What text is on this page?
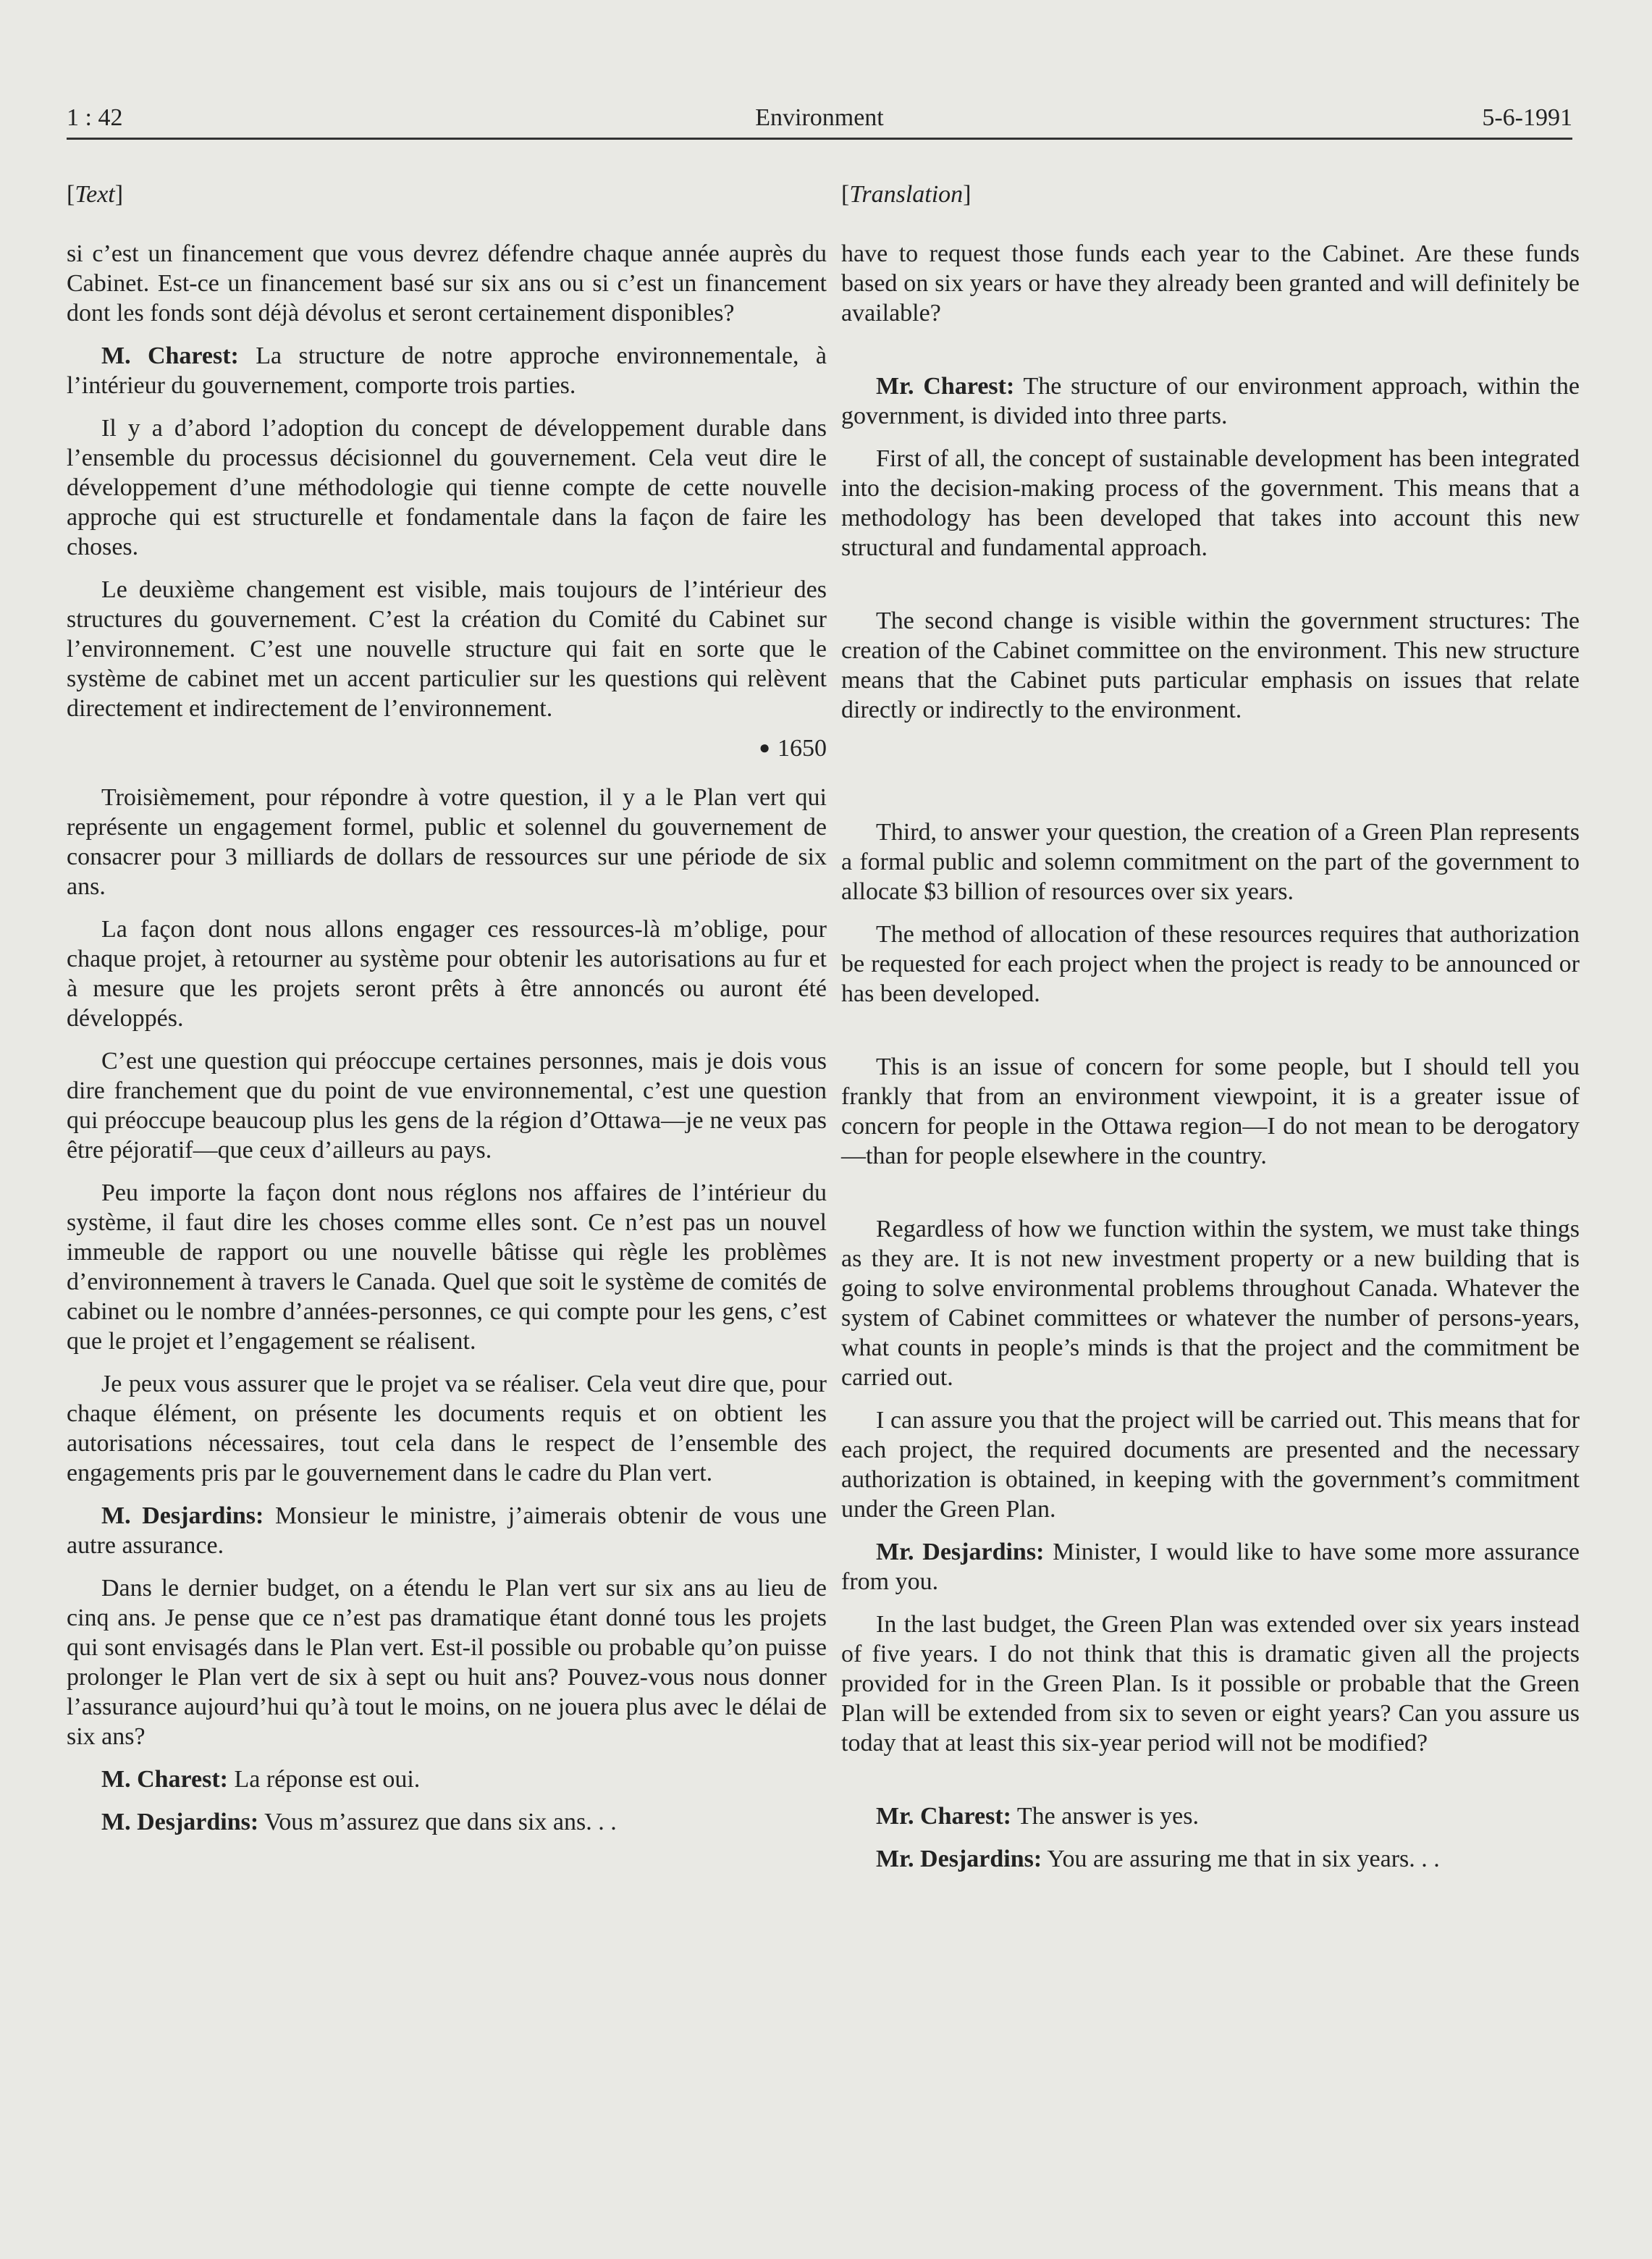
1 : 42	Environment	5-6-1991
[Text]

si c’est un financement que vous devrez défendre chaque année auprès du Cabinet. Est-ce un financement basé sur six ans ou si c’est un financement dont les fonds sont déjà dévolus et seront certainement disponibles?

M. Charest: La structure de notre approche environnementale, à l’intérieur du gouvernement, comporte trois parties.

Il y a d’abord l’adoption du concept de développement durable dans l’ensemble du processus décisionnel du gouvernement. Cela veut dire le développement d’une méthodologie qui tienne compte de cette nouvelle approche qui est structurelle et fondamentale dans la façon de faire les choses.

Le deuxième changement est visible, mais toujours de l’intérieur des structures du gouvernement. C’est la création du Comité du Cabinet sur l’environnement. C’est une nouvelle structure qui fait en sorte que le système de cabinet met un accent particulier sur les questions qui relèvent directement et indirectement de l’environnement.

● 1650

Troisièmement, pour répondre à votre question, il y a le Plan vert qui représente un engagement formel, public et solennel du gouvernement de consacrer pour 3 milliards de dollars de ressources sur une période de six ans.

La façon dont nous allons engager ces ressources-là m’oblige, pour chaque projet, à retourner au système pour obtenir les autorisations au fur et à mesure que les projets seront prêts à être annoncés ou auront été développés.

C’est une question qui préoccupe certaines personnes, mais je dois vous dire franchement que du point de vue environnemental, c’est une question qui préoccupe beaucoup plus les gens de la région d’Ottawa—je ne veux pas être péjoratif—que ceux d’ailleurs au pays.

Peu importe la façon dont nous réglons nos affaires de l’intérieur du système, il faut dire les choses comme elles sont. Ce n’est pas un nouvel immeuble de rapport ou une nouvelle bâtisse qui règle les problèmes d’environnement à travers le Canada. Quel que soit le système de comités de cabinet ou le nombre d’années-personnes, ce qui compte pour les gens, c’est que le projet et l’engagement se réalisent.

Je peux vous assurer que le projet va se réaliser. Cela veut dire que, pour chaque élément, on présente les documents requis et on obtient les autorisations nécessaires, tout cela dans le respect de l’ensemble des engagements pris par le gouvernement dans le cadre du Plan vert.

M. Desjardins: Monsieur le ministre, j’aimerais obtenir de vous une autre assurance.

Dans le dernier budget, on a étendu le Plan vert sur six ans au lieu de cinq ans. Je pense que ce n’est pas dramatique étant donné tous les projets qui sont envisagés dans le Plan vert. Est-il possible ou probable qu’on puisse prolonger le Plan vert de six à sept ou huit ans? Pouvez-vous nous donner l’assurance aujourd’hui qu’à tout le moins, on ne jouera plus avec le délai de six ans?

M. Charest: La réponse est oui.

M. Desjardins: Vous m’assurez que dans six ans. . .

[Translation]

have to request those funds each year to the Cabinet. Are these funds based on six years or have they already been granted and will definitely be available?

Mr. Charest: The structure of our environment approach, within the government, is divided into three parts.

First of all, the concept of sustainable development has been integrated into the decision-making process of the government. This means that a methodology has been developed that takes into account this new structural and fundamental approach.

The second change is visible within the government structures: The creation of the Cabinet committee on the environment. This new structure means that the Cabinet puts particular emphasis on issues that relate directly or indirectly to the environment.

Third, to answer your question, the creation of a Green Plan represents a formal public and solemn commitment on the part of the government to allocate $3 billion of resources over six years.

The method of allocation of these resources requires that authorization be requested for each project when the project is ready to be announced or has been developed.

This is an issue of concern for some people, but I should tell you frankly that from an environment viewpoint, it is a greater issue of concern for people in the Ottawa region—I do not mean to be derogatory—than for people elsewhere in the country.

Regardless of how we function within the system, we must take things as they are. It is not new investment property or a new building that is going to solve environmental problems throughout Canada. Whatever the system of Cabinet committees or whatever the number of persons-years, what counts in people’s minds is that the project and the commitment be carried out.

I can assure you that the project will be carried out. This means that for each project, the required documents are presented and the necessary authorization is obtained, in keeping with the government’s commitment under the Green Plan.

Mr. Desjardins: Minister, I would like to have some more assurance from you.

In the last budget, the Green Plan was extended over six years instead of five years. I do not think that this is dramatic given all the projects provided for in the Green Plan. Is it possible or probable that the Green Plan will be extended from six to seven or eight years? Can you assure us today that at least this six-year period will not be modified?

Mr. Charest: The answer is yes.

Mr. Desjardins: You are assuring me that in six years. . .
